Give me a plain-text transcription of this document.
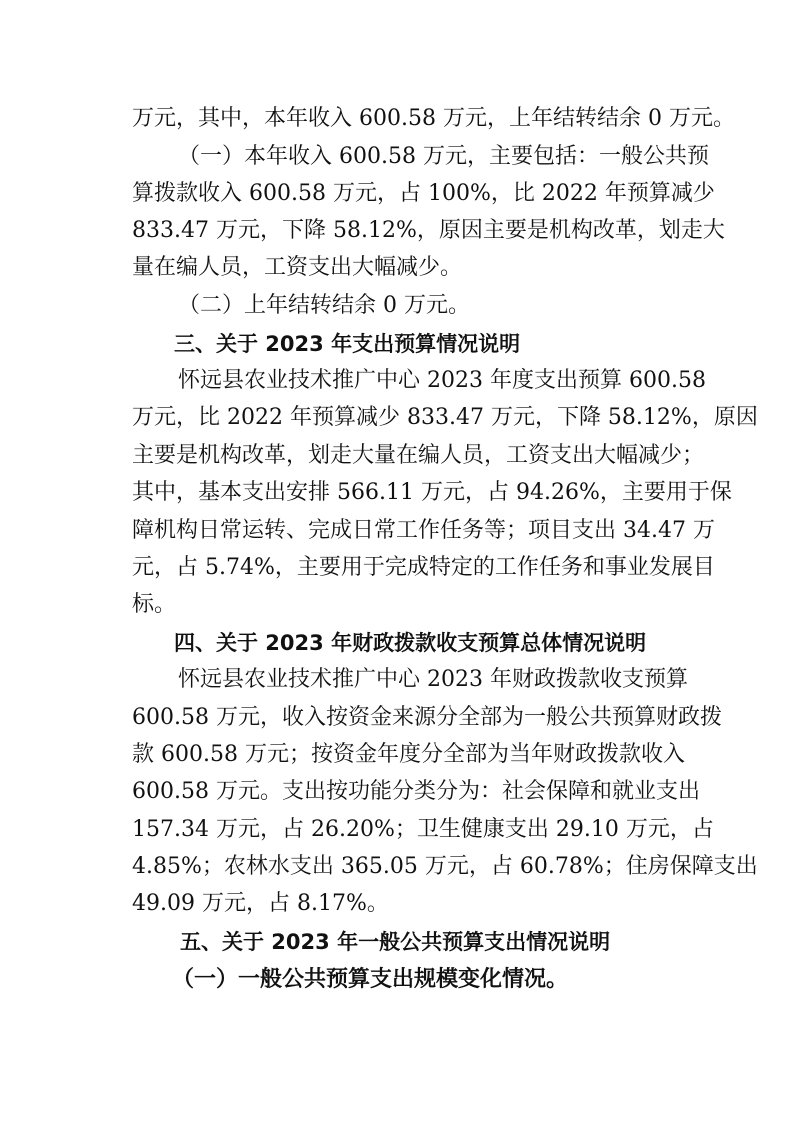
万元，其中，本年收入 600.58 万元，上年结转结余 0 万元。
（一）本年收入 600.58 万元，主要包括：一般公共预
算拨款收入 600.58 万元，占 100%，比 2022 年预算减少
833.47 万元，下降 58.12%，原因主要是机构改革，划走大
量在编人员，工资支出大幅减少。
（二）上年结转结余 0 万元。
三、关于 2023 年支出预算情况说明
怀远县农业技术推广中心 2023 年度支出预算 600.58
万元，比 2022 年预算减少 833.47 万元，下降 58.12%，原因
主要是机构改革，划走大量在编人员，工资支出大幅减少；
其中，基本支出安排 566.11 万元，占 94.26%，主要用于保
障机构日常运转、完成日常工作任务等；项目支出 34.47 万
元，占 5.74%，主要用于完成特定的工作任务和事业发展目
标。
四、关于 2023 年财政拨款收支预算总体情况说明
怀远县农业技术推广中心 2023 年财政拨款收支预算
600.58 万元，收入按资金来源分全部为一般公共预算财政拨
款 600.58 万元；按资金年度分全部为当年财政拨款收入
600.58 万元。支出按功能分类分为：社会保障和就业支出
157.34 万元，占 26.20%；卫生健康支出 29.10 万元，占
4.85%；农林水支出 365.05 万元，占 60.78%；住房保障支出
49.09 万元，占 8.17%。
五、关于 2023 年一般公共预算支出情况说明
（一）一般公共预算支出规模变化情况。
